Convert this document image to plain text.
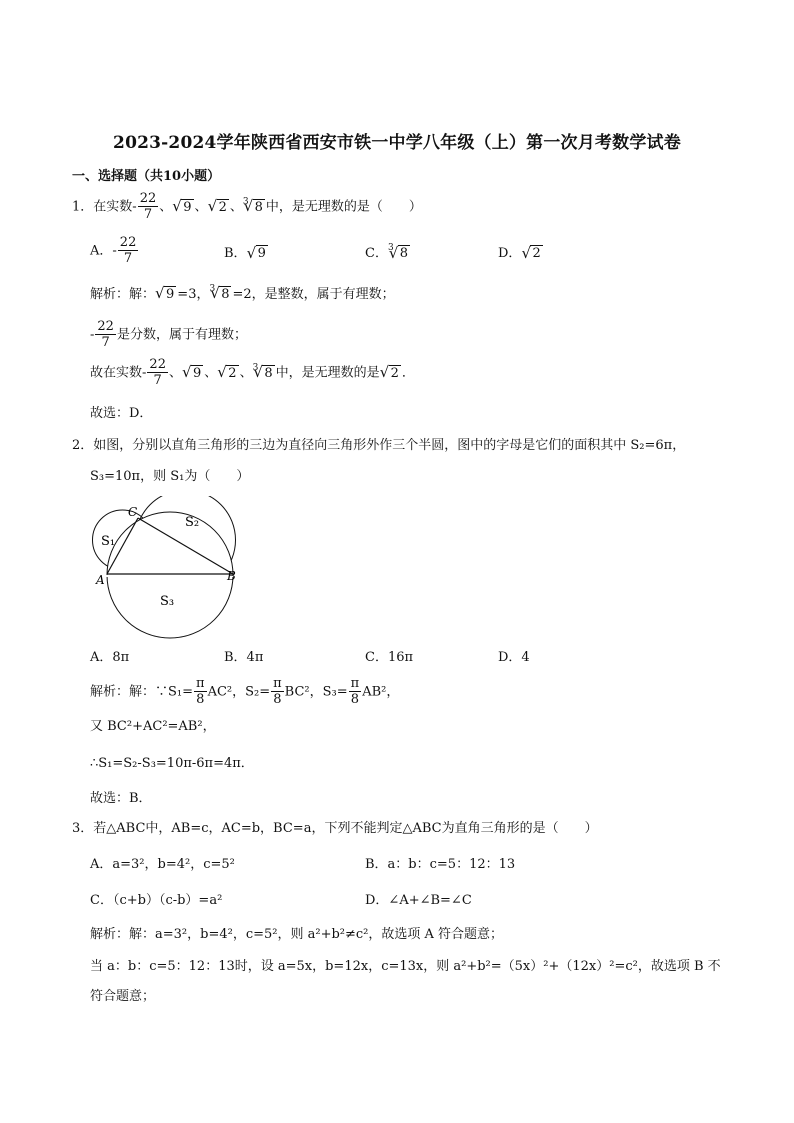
2023-2024学年陕西省西安市铁一中学八年级（上）第一次月考数学试卷
一、选择题（共10小题）
1．在实数- $\frac{22}{7}$ 、 √ 9 、 √ 2 、$^3$ √ 8 中，是无理数的是（　　）
A．- $\frac{22}{7}$	B． √ 9	C．$^3$ √ 8	D． √ 2
解析：解： √ 9 =3，$^3$ √ 8 =2，是整数，属于有理数；
- $\frac{22}{7}$ 是分数，属于有理数；
故在实数- $\frac{22}{7}$ 、 √ 9 、 √ 2 、$^3$ √ 8 中，是无理数的是 √ 2 ．
故选：D．
2．如图，分别以直角三角形的三边为直径向三角形外作三个半圆，图中的字母是它们的面积其中 S₂=6π，
S₃=10π，则 S₁为（　　）
C
A	B
S₁
S₂
S₃
A．8π	B．4π	C．16π	D．4
解析：解：∵S₁= $\frac{\pi}{8} AC^2$，$S_2= \frac{\pi}{8} BC^2$，$S_3= \frac{\pi}{8} AB^2$，
又 BC²+AC²=AB²，
∴S₁=S₂-S₃=10π-6π=4π．
故选：B．
3．若△ABC中，AB=c，AC=b，BC=a，下列不能判定△ABC为直角三角形的是（　　）
A．a=3²，b=4²，c=5²	B．a：b：c=5：12：13
C．（c+b）（c-b）=a²	D．∠A+∠B=∠C
解析：解：a=3²，b=4²，c=5²，则 a²+b²≠c²，故选项 A 符合题意；
当 a：b：c=5：12：13时，设 a=5x，b=12x，c=13x，则 a²+b²=（5x）²+（12x）²=c²，故选项 B 不
符合题意；
